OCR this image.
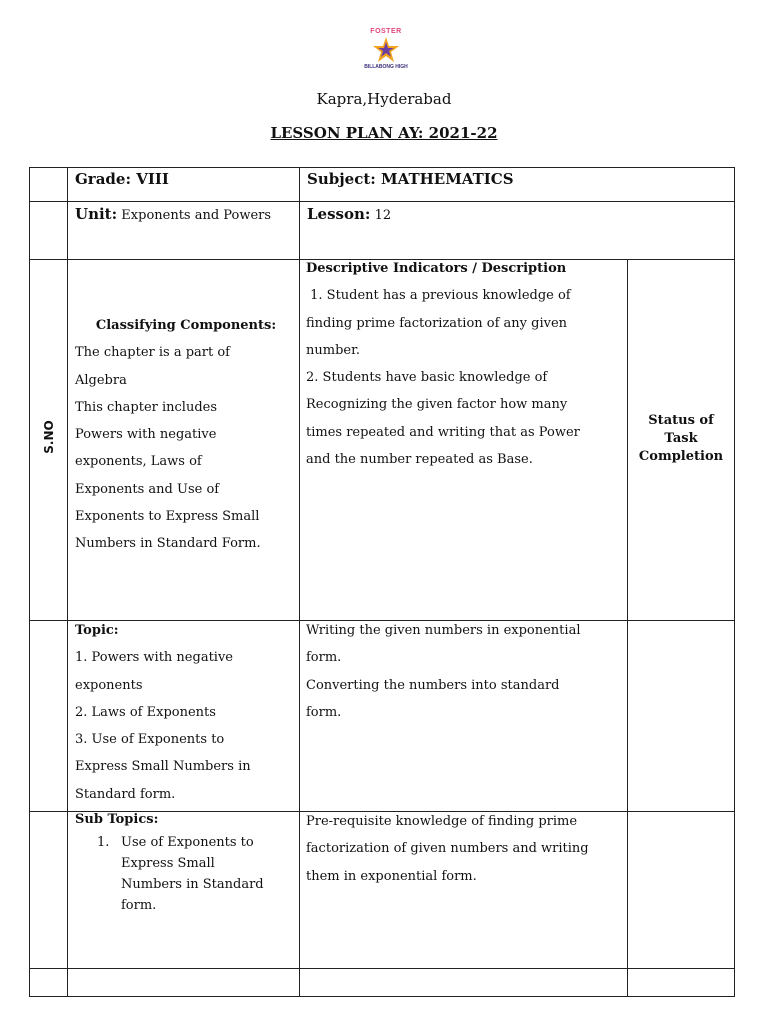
FOSTER
BILLABONG HIGH
Kapra,Hyderabad
LESSON PLAN AY: 2021-22
Grade: VIII	Subject: MATHEMATICS
Unit: Exponents and Powers	Lesson: 12
S.NO
Classifying Components:
The chapter is a part of
Algebra
This chapter includes
Powers with negative
exponents, Laws of
Exponents and Use of
Exponents to Express Small
Numbers in Standard Form.
Descriptive Indicators / Description
1. Student has a previous knowledge of
finding prime factorization of any given
number.
2. Students have basic knowledge of
Recognizing the given factor how many
times repeated and writing that as Power
and the number repeated as Base.
Status of
Task
Completion
Topic:
1. Powers with negative
exponents
2. Laws of Exponents
3. Use of Exponents to
Express Small Numbers in
Standard form.
Writing the given numbers in exponential
form.
Converting the numbers into standard
form.
Sub Topics:
1. Use of Exponents to
Express Small
Numbers in Standard
form.
Pre-requisite knowledge of finding prime
factorization of given numbers and writing
them in exponential form.
